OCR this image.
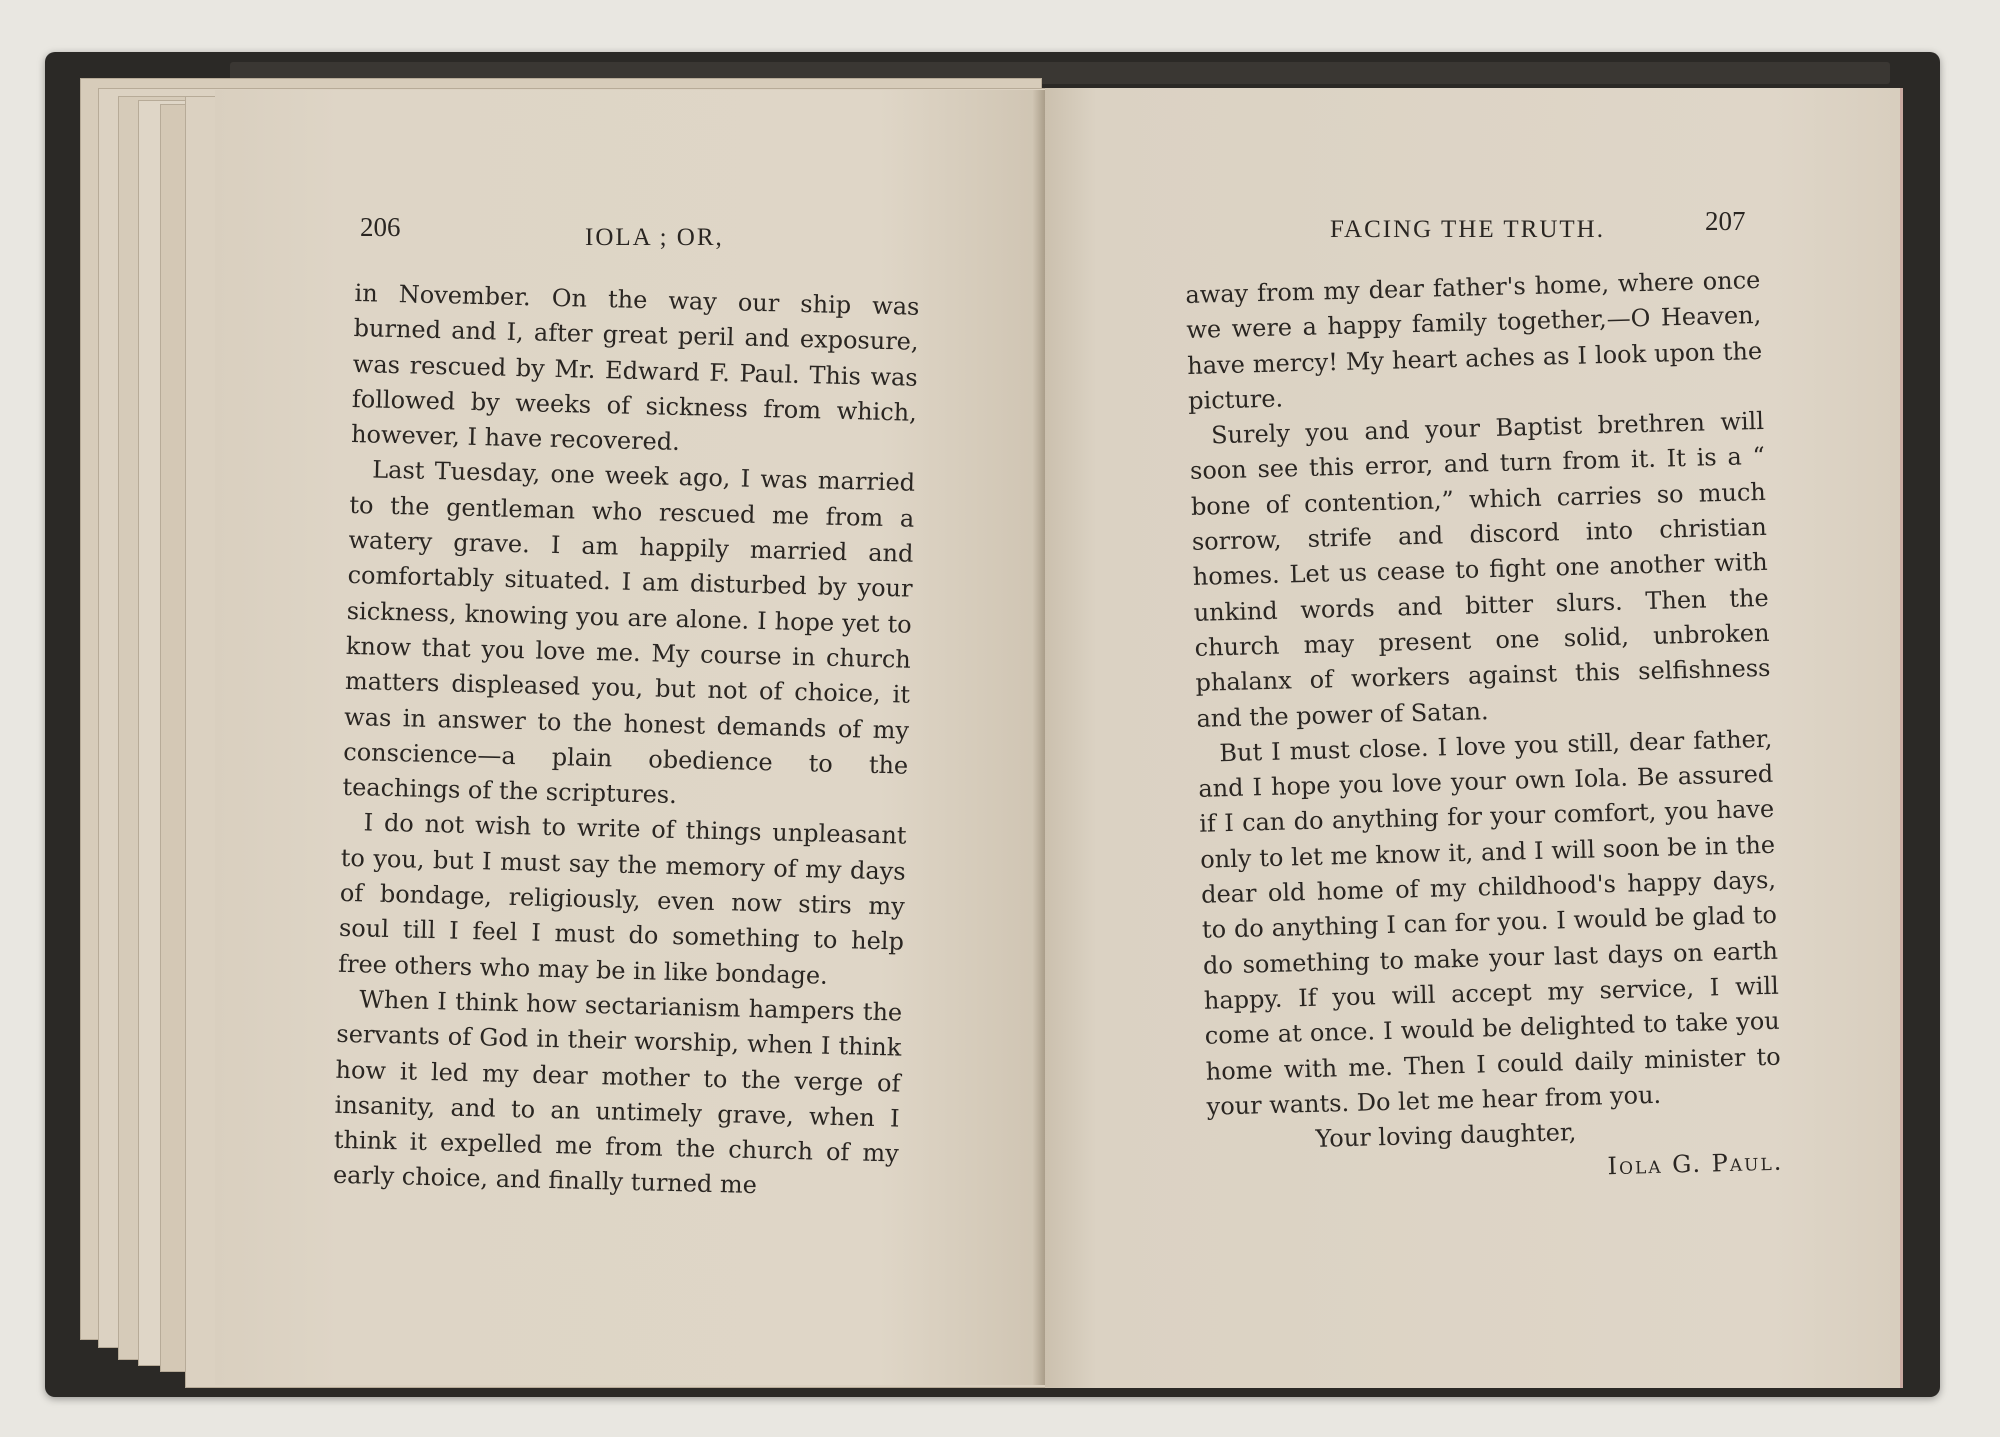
206	IOLA ; OR,

in November. On the way our ship was burned and I, after great peril and exposure, was rescued by Mr. Edward F. Paul. This was followed by weeks of sickness from which, however, I have recovered.

Last Tuesday, one week ago, I was married to the gentleman who rescued me from a watery grave. I am happily married and comfortably situated. I am disturbed by your sickness, knowing you are alone. I hope yet to know that you love me. My course in church matters displeased you, but not of choice, it was in answer to the honest demands of my conscience—a plain obedience to the teachings of the scriptures.

I do not wish to write of things unpleasant to you, but I must say the memory of my days of bondage, religiously, even now stirs my soul till I feel I must do something to help free others who may be in like bondage.

When I think how sectarianism hampers the servants of God in their worship, when I think how it led my dear mother to the verge of insanity, and to an untimely grave, when I think it expelled me from the church of my early choice, and finally turned me

FACING THE TRUTH.	207

away from my dear father's home, where once we were a happy family together,—O Heaven, have mercy! My heart aches as I look upon the picture.

Surely you and your Baptist brethren will soon see this error, and turn from it. It is a “ bone of contention,” which carries so much sorrow, strife and discord into christian homes. Let us cease to fight one another with unkind words and bitter slurs. Then the church may present one solid, unbroken phalanx of workers against this selfishness and the power of Satan.

But I must close. I love you still, dear father, and I hope you love your own Iola. Be assured if I can do anything for your comfort, you have only to let me know it, and I will soon be in the dear old home of my childhood's happy days, to do anything I can for you. I would be glad to do something to make your last days on earth happy. If you will accept my service, I will come at once. I would be delighted to take you home with me. Then I could daily minister to your wants. Do let me hear from you.

Your loving daughter,

Iola G. Paul.
